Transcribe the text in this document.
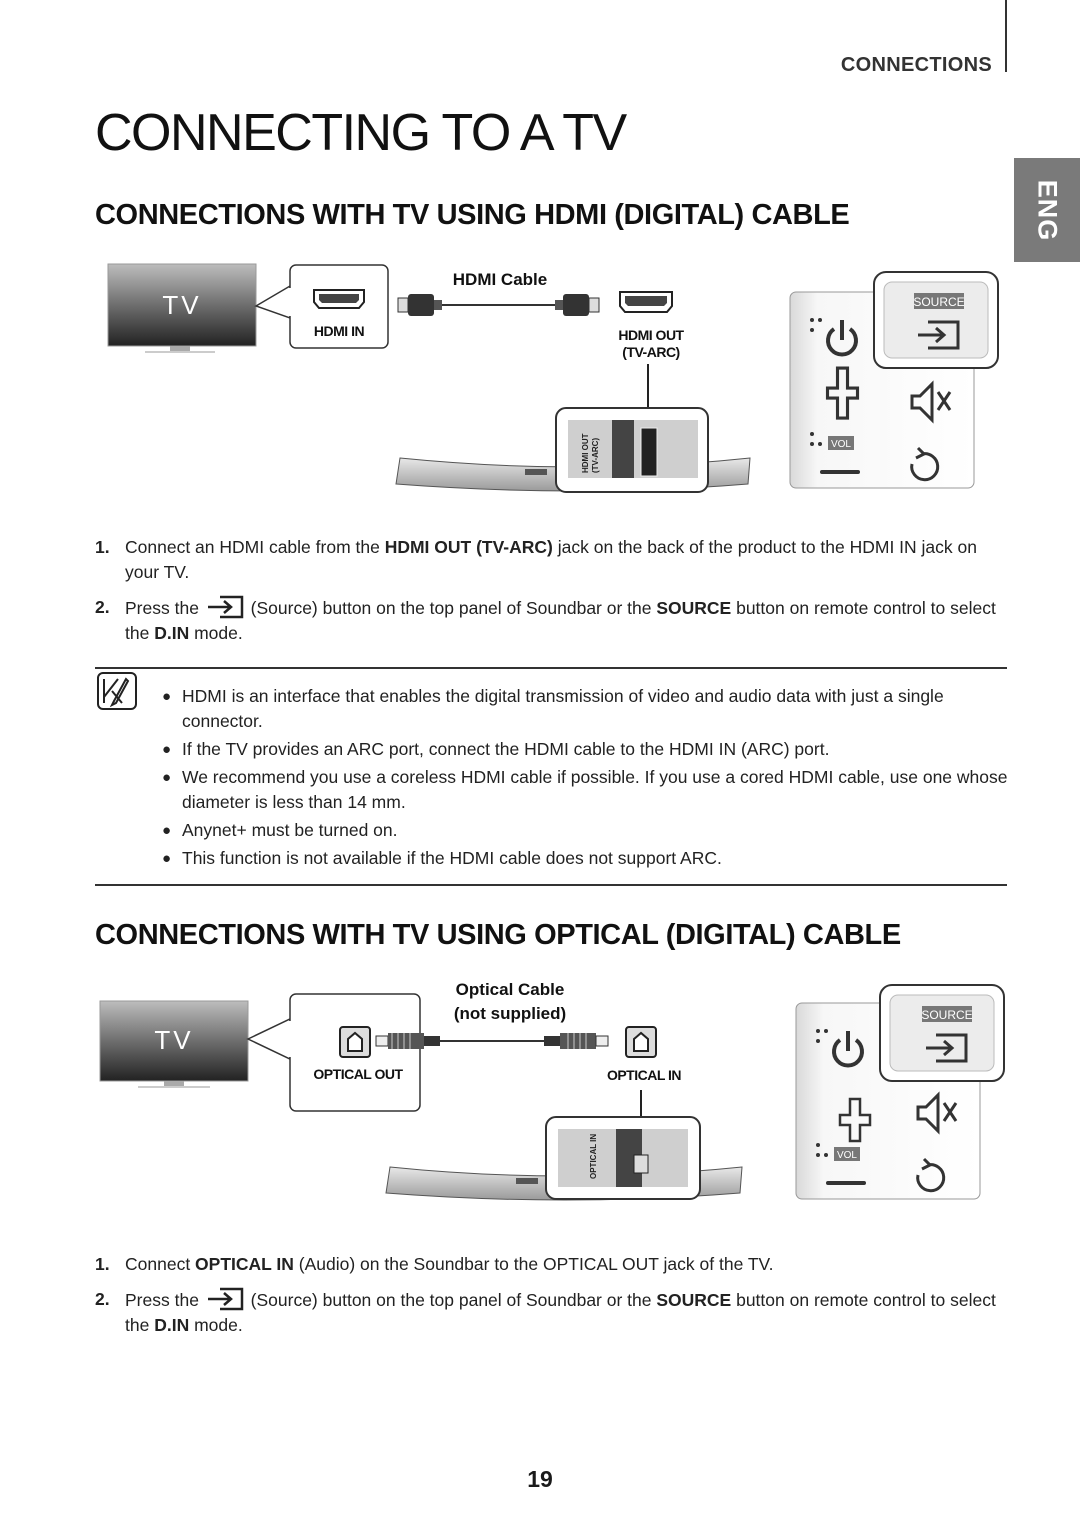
CONNECTIONS
ENG
CONNECTING TO A TV
CONNECTIONS WITH TV USING HDMI (DIGITAL) CABLE
TV
HDMI IN
HDMI Cable
HDMI OUT
(TV-ARC)
HDMI OUT (TV-ARC)	VOL
SOURCE
1. Connect an HDMI cable from the HDMI OUT (TV-ARC) jack on the back of the product to the HDMI IN jack on your TV.
2. Press the  (Source) button on the top panel of Soundbar or the SOURCE button on remote control to select the D.IN mode.
● HDMI is an interface that enables the digital transmission of video and audio data with just a single connector.
● If the TV provides an ARC port, connect the HDMI cable to the HDMI IN (ARC) port.
● We recommend you use a coreless HDMI cable if possible. If you use a cored HDMI cable, use one whose diameter is less than 14 mm.
● Anynet+ must be turned on.
● This function is not available if the HDMI cable does not support ARC.
CONNECTIONS WITH TV USING OPTICAL (DIGITAL) CABLE
TV
OPTICAL OUT
Optical Cable
(not supplied)
OPTICAL IN
OPTICAL IN	VOL
SOURCE
1. Connect OPTICAL IN (Audio) on the Soundbar to the OPTICAL OUT jack of the TV.
2. Press the  (Source) button on the top panel of Soundbar or the SOURCE button on remote control to select the D.IN mode.
19
